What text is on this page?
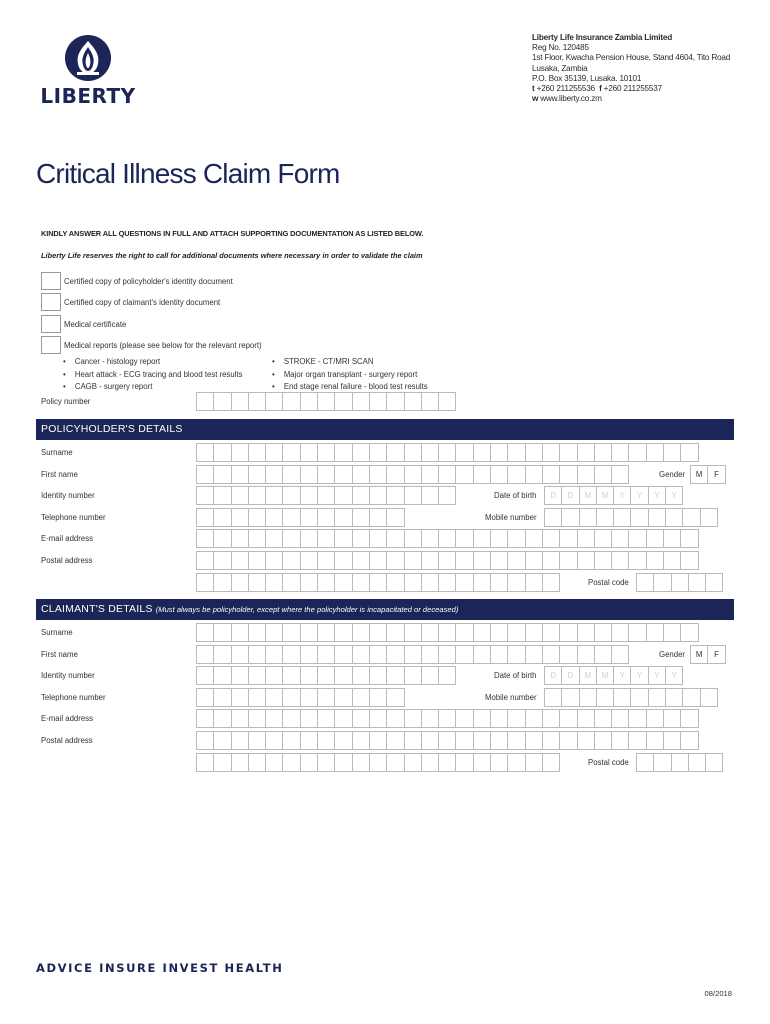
LIBERTY
Liberty Life Insurance Zambia Limited
Reg No. 120485
1st Floor, Kwacha Pension House, Stand 4604, Tito Road
Lusaka, Zambia
P.O. Box 35139, Lusaka. 10101
t +260 211255536 f +260 211255537
w www.liberty.co.zm
Critical Illness Claim Form
KINDLY ANSWER ALL QUESTIONS IN FULL AND ATTACH SUPPORTING DOCUMENTATION AS LISTED BELOW.
Liberty Life reserves the right to call for additional documents where necessary in order to validate the claim
Certified copy of policyholder's identity document
Certified copy of claimant's identity document
Medical certificate
Medical reports (please see below for the relevant report)
• Cancer - histology report
• Heart attack - ECG tracing and blood test results
• CAGB - surgery report
• STROKE - CT/MRI SCAN
• Major organ transplant - surgery report
• End stage renal failure - blood test results
Policy number
POLICYHOLDER'S DETAILS
Surname
First name	Gender	M	F
Identity number	Date of birth	D	D	M	M	Y	Y	Y	Y
Telephone number	Mobile number
E-mail address
Postal address
Postal code
CLAIMANT'S DETAILS (Must always be policyholder, except where the policyholder is incapacitated or deceased)
Surname
First name	Gender	M	F
Identity number	Date of birth	D	D	M	M	Y	Y	Y	Y
Telephone number	Mobile number
E-mail address
Postal address
Postal code
ADVICE INSURE INVEST HEALTH
08/2018
